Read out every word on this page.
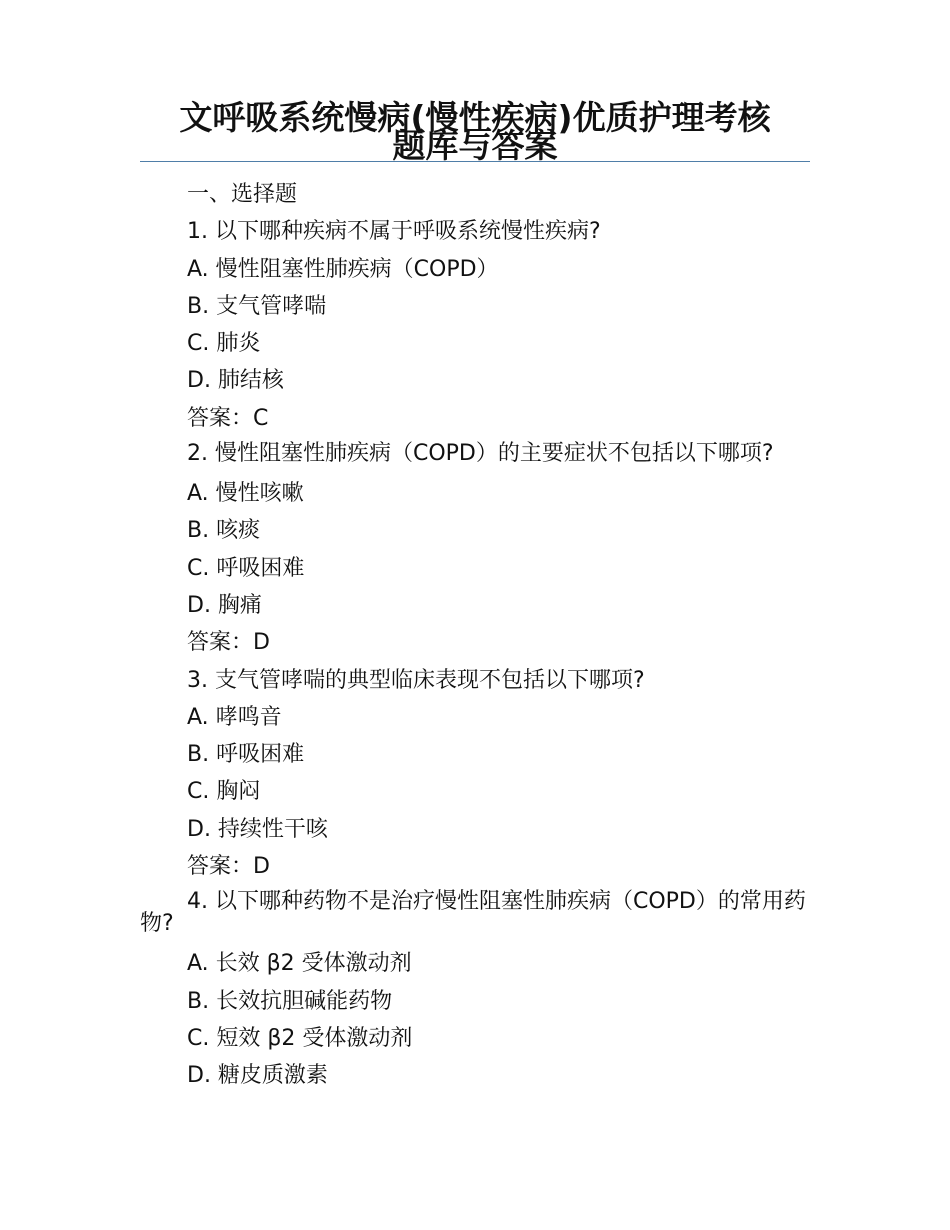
文呼吸系统慢病(慢性疾病)优质护理考核
题库与答案
一、选择题
1. 以下哪种疾病不属于呼吸系统慢性疾病?
A. 慢性阻塞性肺疾病（COPD）
B. 支气管哮喘
C. 肺炎
D. 肺结核
答案：C
2. 慢性阻塞性肺疾病（COPD）的主要症状不包括以下哪项?
A. 慢性咳嗽
B. 咳痰
C. 呼吸困难
D. 胸痛
答案：D
3. 支气管哮喘的典型临床表现不包括以下哪项?
A. 哮鸣音
B. 呼吸困难
C. 胸闷
D. 持续性干咳
答案：D
4. 以下哪种药物不是治疗慢性阻塞性肺疾病（COPD）的常用药物?
A. 长效 β2 受体激动剂
B. 长效抗胆碱能药物
C. 短效 β2 受体激动剂
D. 糖皮质激素
